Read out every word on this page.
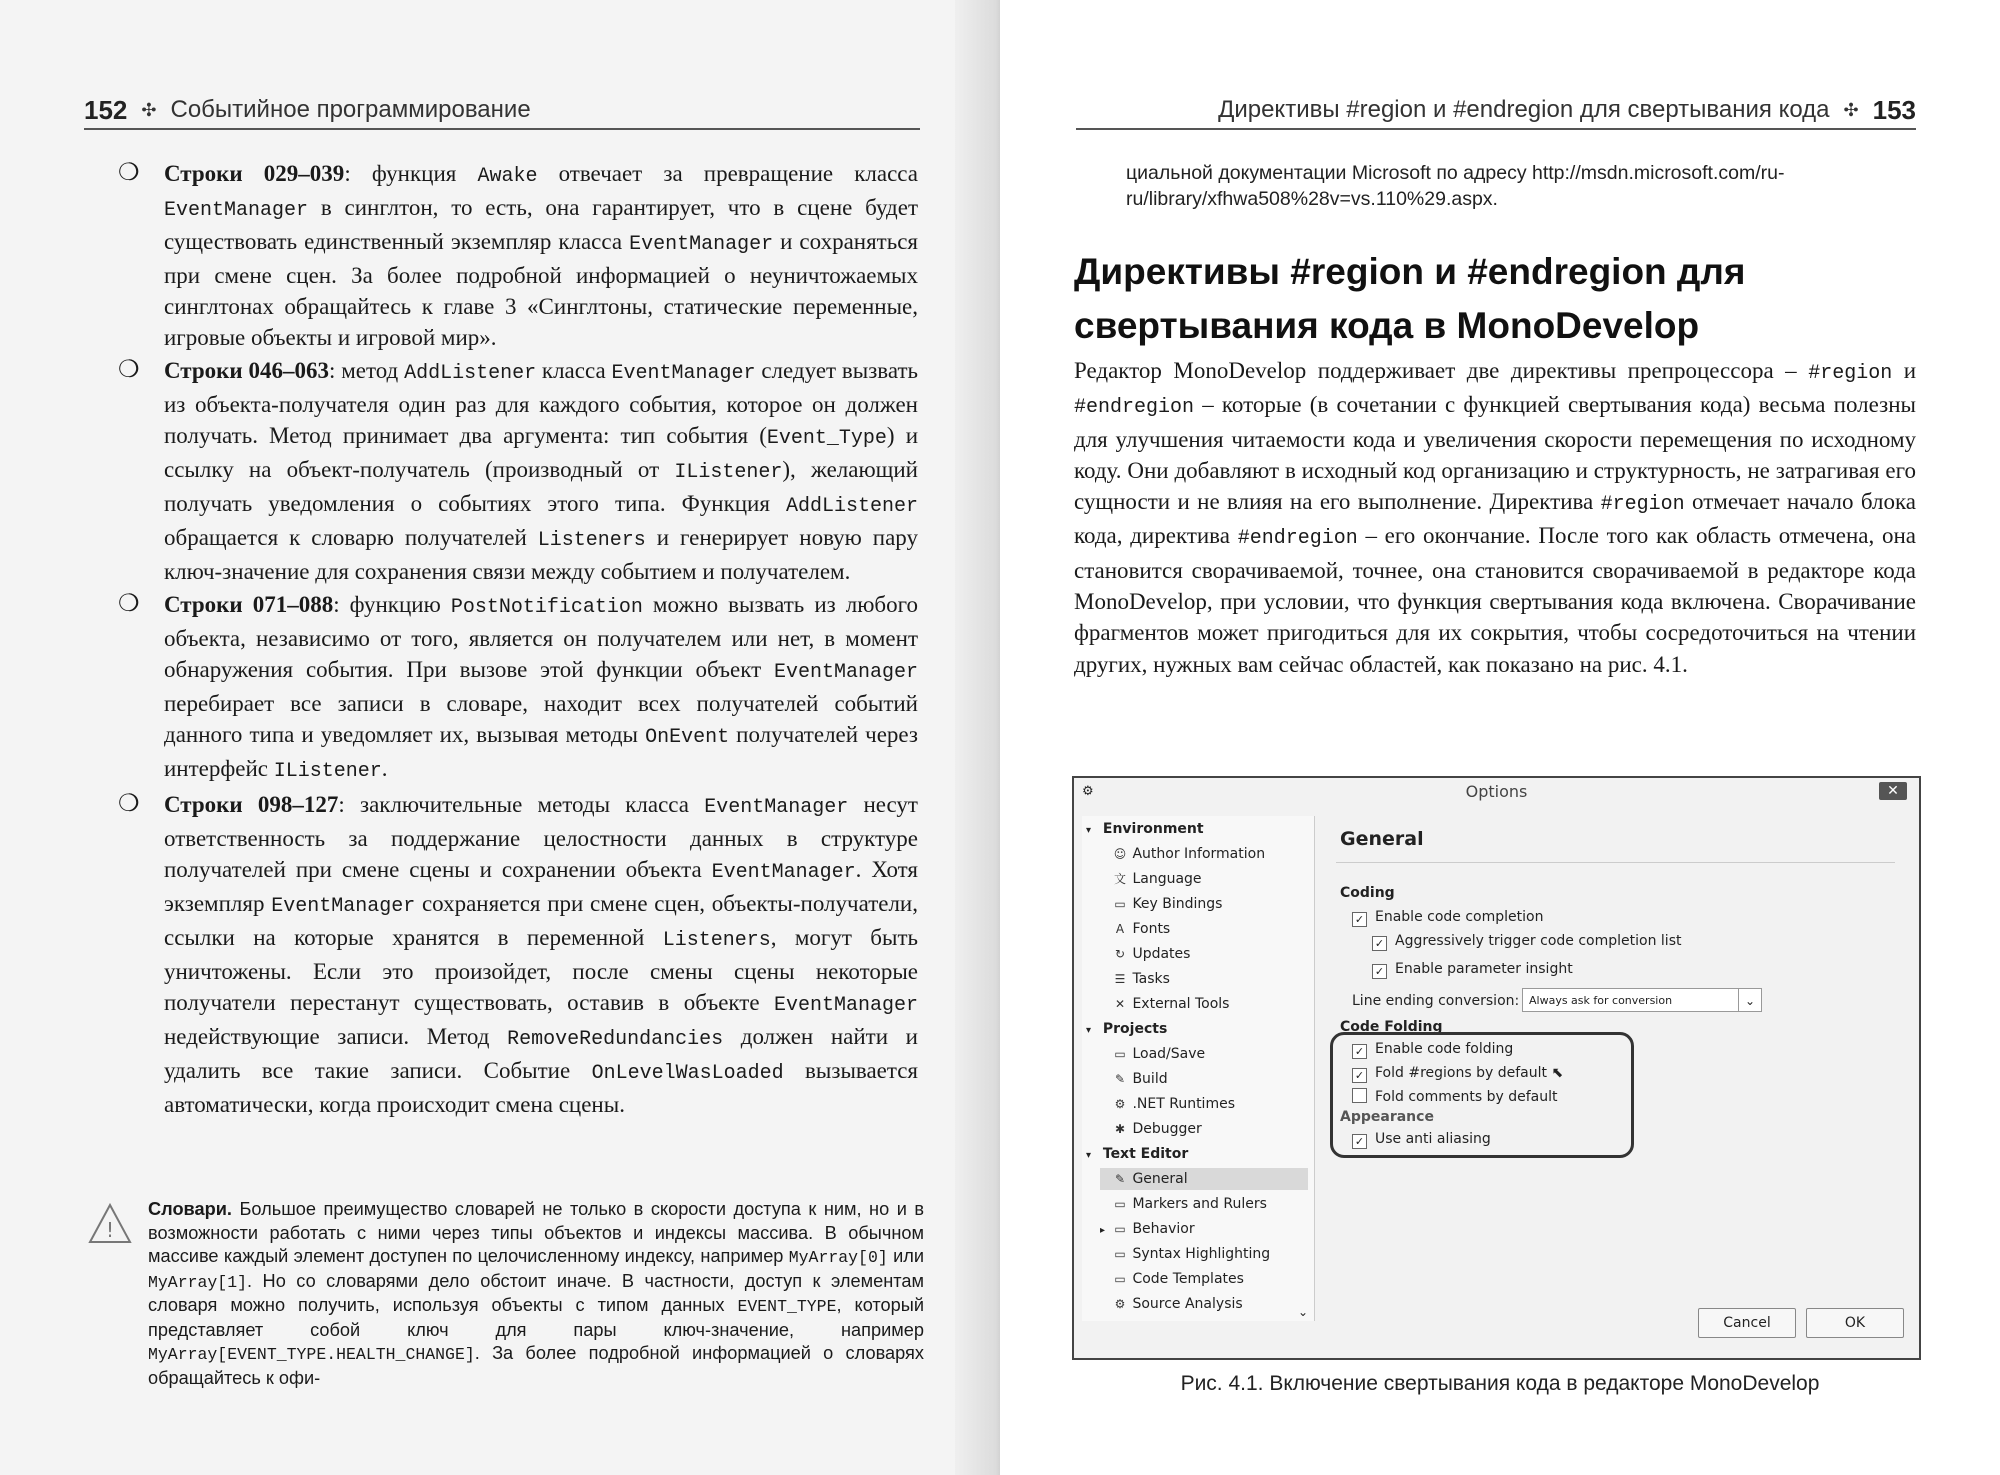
152 ✣ Событийное программирование
❍ Строки 029–039: функция Awake отвечает за превращение класса EventManager в синглтон, то есть, она гарантирует, что в сцене будет существовать единственный экземпляр класса EventManager и сохраняться при смене сцен. За более подробной информацией о неуничтожаемых синглтонах обращайтесь к главе 3 «Синглтоны, статические переменные, игровые объекты и игровой мир».
❍ Строки 046–063: метод AddListener класса EventManager следует вызвать из объекта-получателя один раз для каждого события, которое он должен получать. Метод принимает два аргумента: тип события (Event_Type) и ссылку на объект-получатель (производный от IListener), желающий получать уведомления о событиях этого типа. Функция AddListener обращается к словарю получателей Listeners и генерирует новую пару ключ-значение для сохранения связи между событием и получателем.
❍ Строки 071–088: функцию PostNotification можно вызвать из любого объекта, независимо от того, является он получателем или нет, в момент обнаружения события. При вызове этой функции объект EventManager перебирает все записи в словаре, находит всех получателей событий данного типа и уведомляет их, вызывая методы OnEvent получателей через интерфейс IListener.
❍ Строки 098–127: заключительные методы класса EventManager несут ответственность за поддержание целостности данных в структуре получателей при смене сцены и сохранении объекта EventManager. Хотя экземпляр EventManager сохраняется при смене сцен, объекты-получатели, ссылки на которые хранятся в переменной Listeners, могут быть уничтожены. Если это произойдет, после смены сцены некоторые получатели перестанут существовать, оставив в объекте EventManager недействующие записи. Метод RemoveRedundancies должен найти и удалить все такие записи. Событие OnLevelWasLoaded вызывается автоматически, когда происходит смена сцены.
!
Словари. Большое преимущество словарей не только в скорости доступа к ним, но и в возможности работать с ними через типы объектов и индексы массива. В обычном массиве каждый элемент доступен по целочисленному индексу, например MyArray[0] или MyArray[1]. Но со словарями дело обстоит иначе. В частности, доступ к элементам словаря можно получить, используя объекты с типом данных EVENT_TYPE, который представляет собой ключ для пары ключ-значение, например MyArray[EVENT_TYPE.HEALTH_CHANGE]. За более подробной информацией о словарях обращайтесь к офи-
Директивы #region и #endregion для свертывания кода ✣ 153
Директивы #region и #endregion для свертывания кода в MonoDevelop
Редактор MonoDevelop поддерживает две директивы препроцессора – #region и #endregion – которые (в сочетании с функцией свертывания кода) весьма полезны для улучшения читаемости кода и увеличения скорости перемещения по исходному коду. Они добавляют в исходный код организацию и структурность, не затрагивая его сущности и не влияя на его выполнение. Директива #region отмечает начало блока кода, директива #endregion – его окончание. После того как область отмечена, она становится сворачиваемой, точнее, она становится сворачиваемой в редакторе кода MonoDevelop, при условии, что функция свертывания кода включена. Сворачивание фрагментов может пригодиться для их сокрытия, чтобы сосредоточиться на чтении других, нужных вам сейчас областей, как показано на рис. 4.1.
циальной документации Microsoft по адресу http://msdn.microsoft.com/ru-ru/library/xfhwa508%28v=vs.110%29.aspx.
⚙	Options	✕
▾ Environment
☺ Author Information
文 Language
▭ Key Bindings
A Fonts
↻ Updates
☰ Tasks
✕ External Tools
▾ Projects
▭ Load/Save
✎ Build
⚙ .NET Runtimes
✱ Debugger
▾ Text Editor
✎ General
▭ Markers and Rulers
▸ ▭ Behavior
▭ Syntax Highlighting
▭ Code Templates
⚙ Source Analysis	⌄
General
Coding
✓ Enable code completion
✓ Aggressively trigger code completion list
✓ Enable parameter insight
Line ending conversion: Always ask for conversion	⌄
Code Folding
✓ Enable code folding
✓ Fold #regions by default ⬉
Fold comments by default
Appearance
✓ Use anti aliasing
Cancel	OK
Рис. 4.1. Включение свертывания кода в редакторе MonoDevelop
